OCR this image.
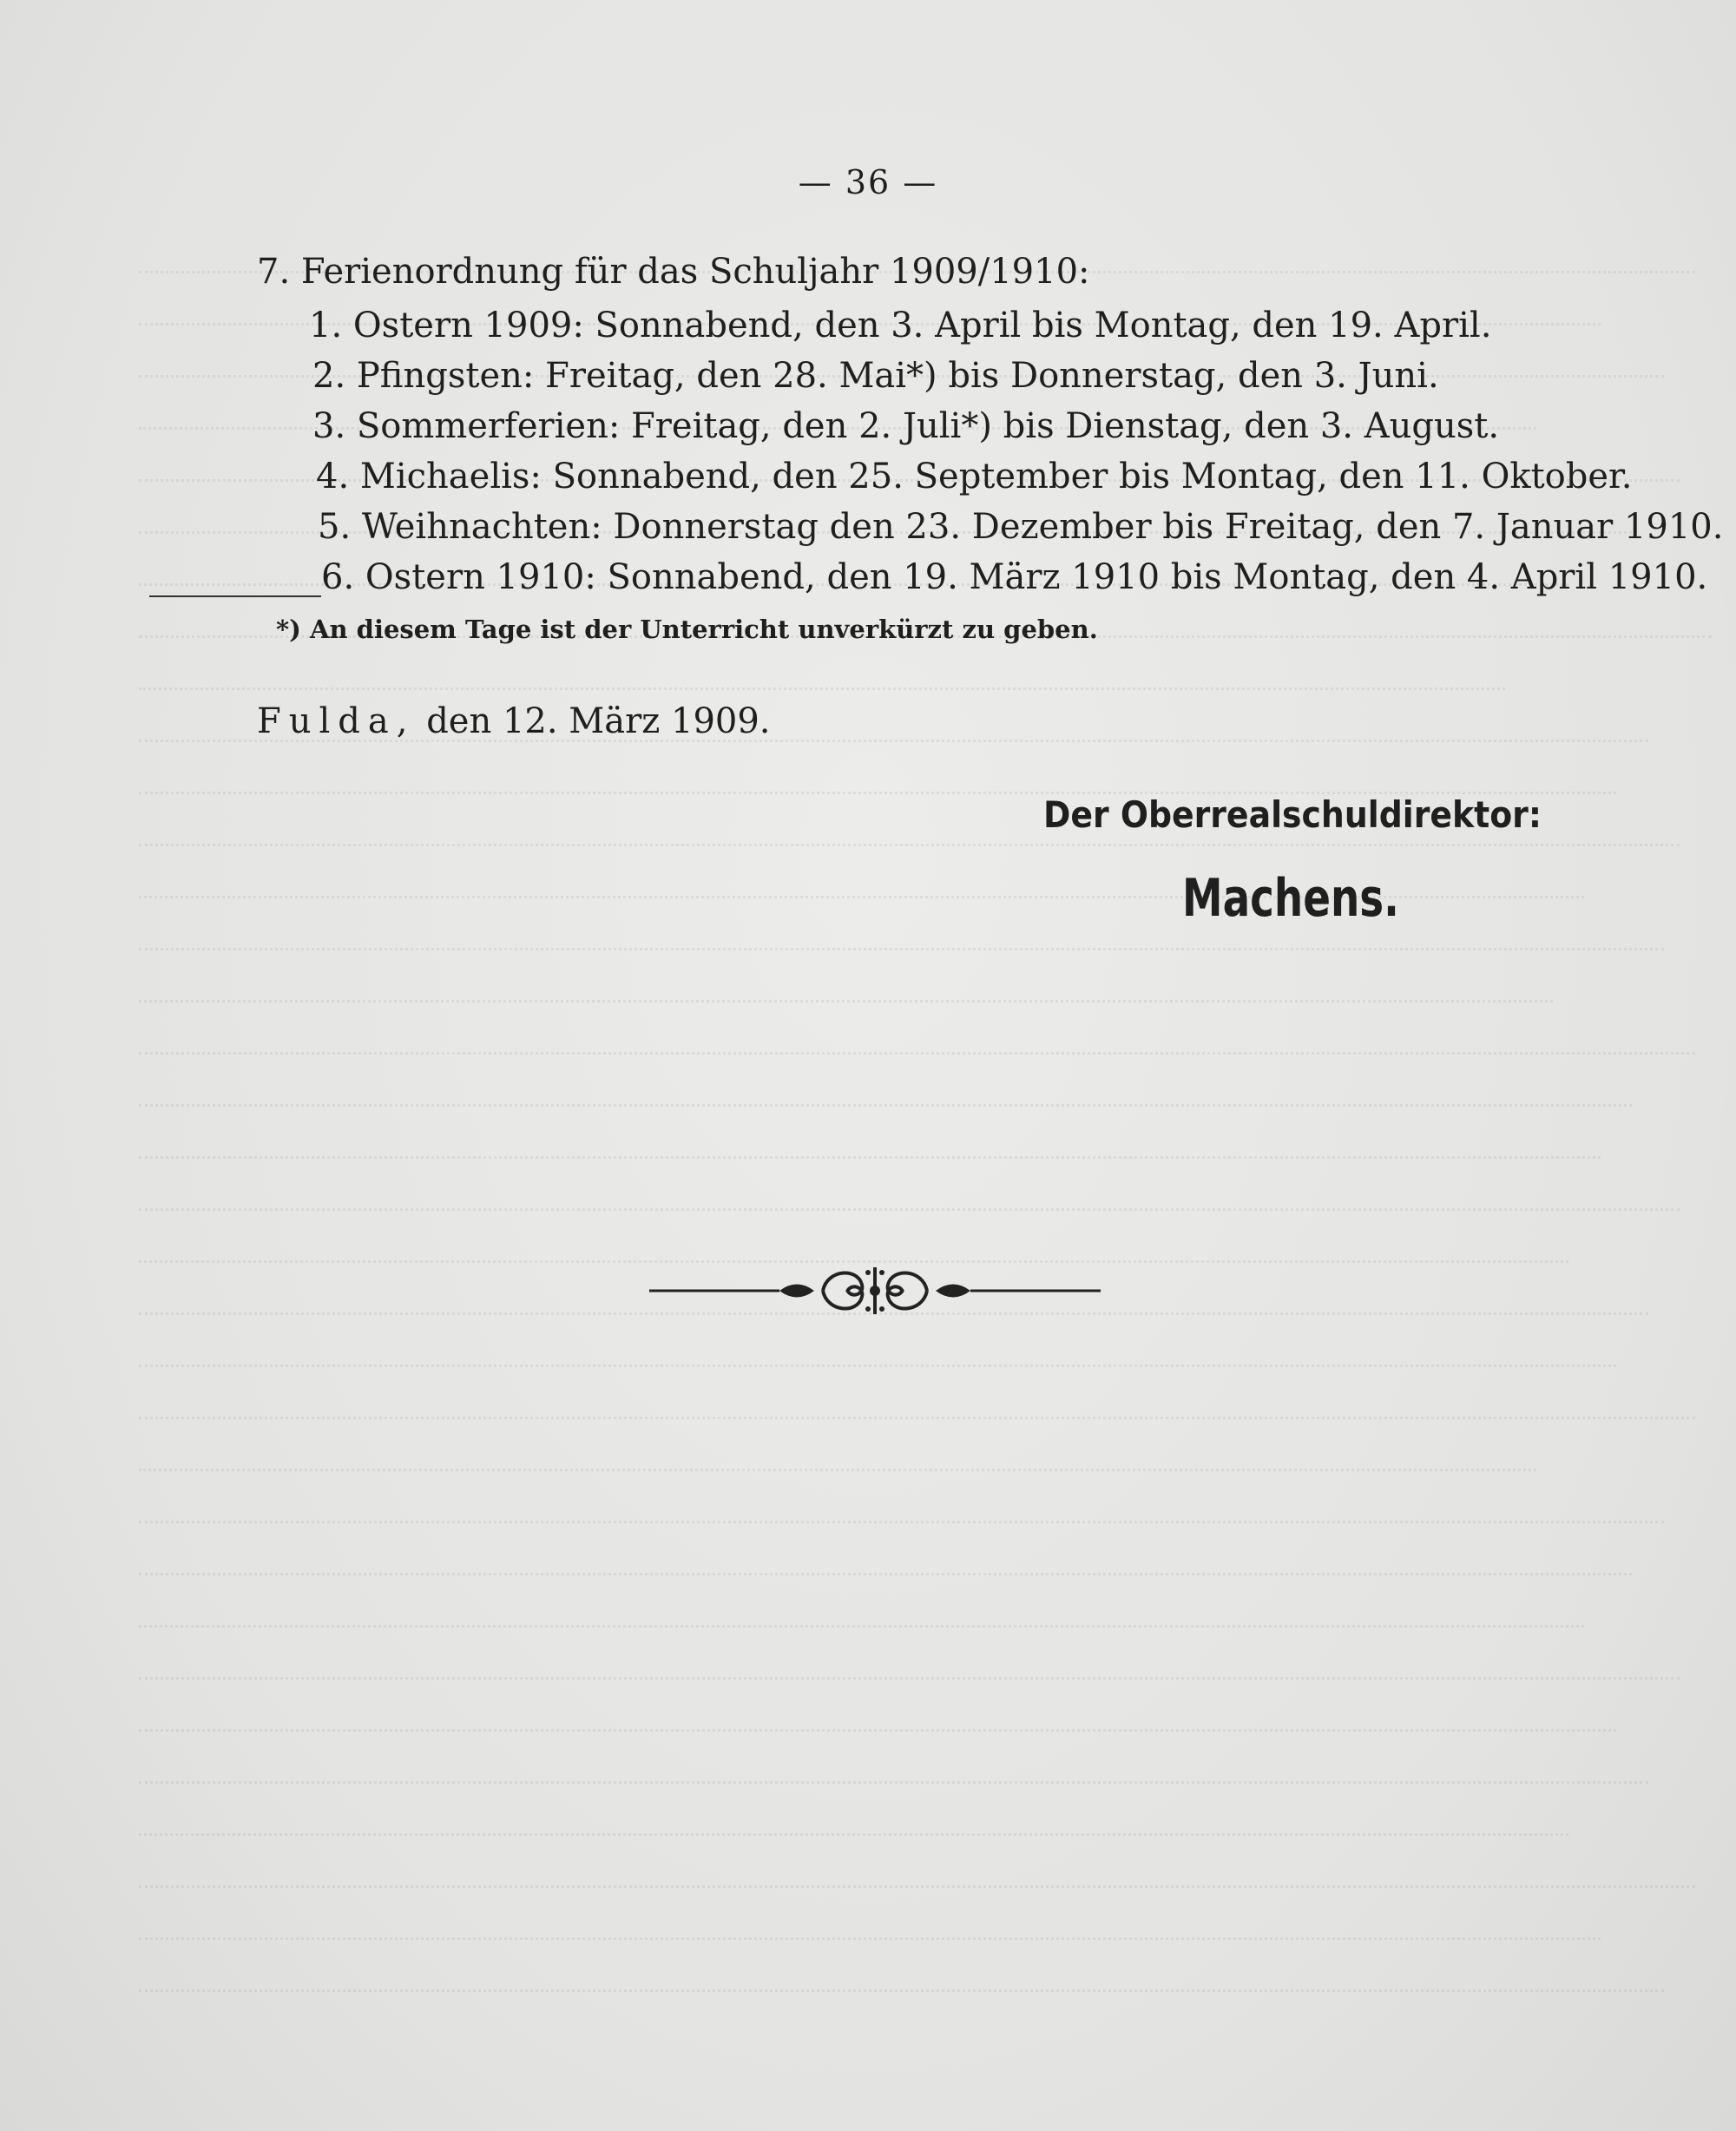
— 36 —
7. Ferienordnung für das Schuljahr 1909/1910:
1. Ostern 1909: Sonnabend, den 3. April bis Montag, den 19. April.
2. Pfingsten: Freitag, den 28. Mai*) bis Donnerstag, den 3. Juni.
3. Sommerferien: Freitag, den 2. Juli*) bis Dienstag, den 3. August.
4. Michaelis: Sonnabend, den 25. September bis Montag, den 11. Oktober.
5. Weihnachten: Donnerstag den 23. Dezember bis Freitag, den 7. Januar 1910.
6. Ostern 1910: Sonnabend, den 19. März 1910 bis Montag, den 4. April 1910.
*) An diesem Tage ist der Unterricht unverkürzt zu geben.
Fulda, den 12. März 1909.
Der Oberrealschuldirektor:
Machens.
